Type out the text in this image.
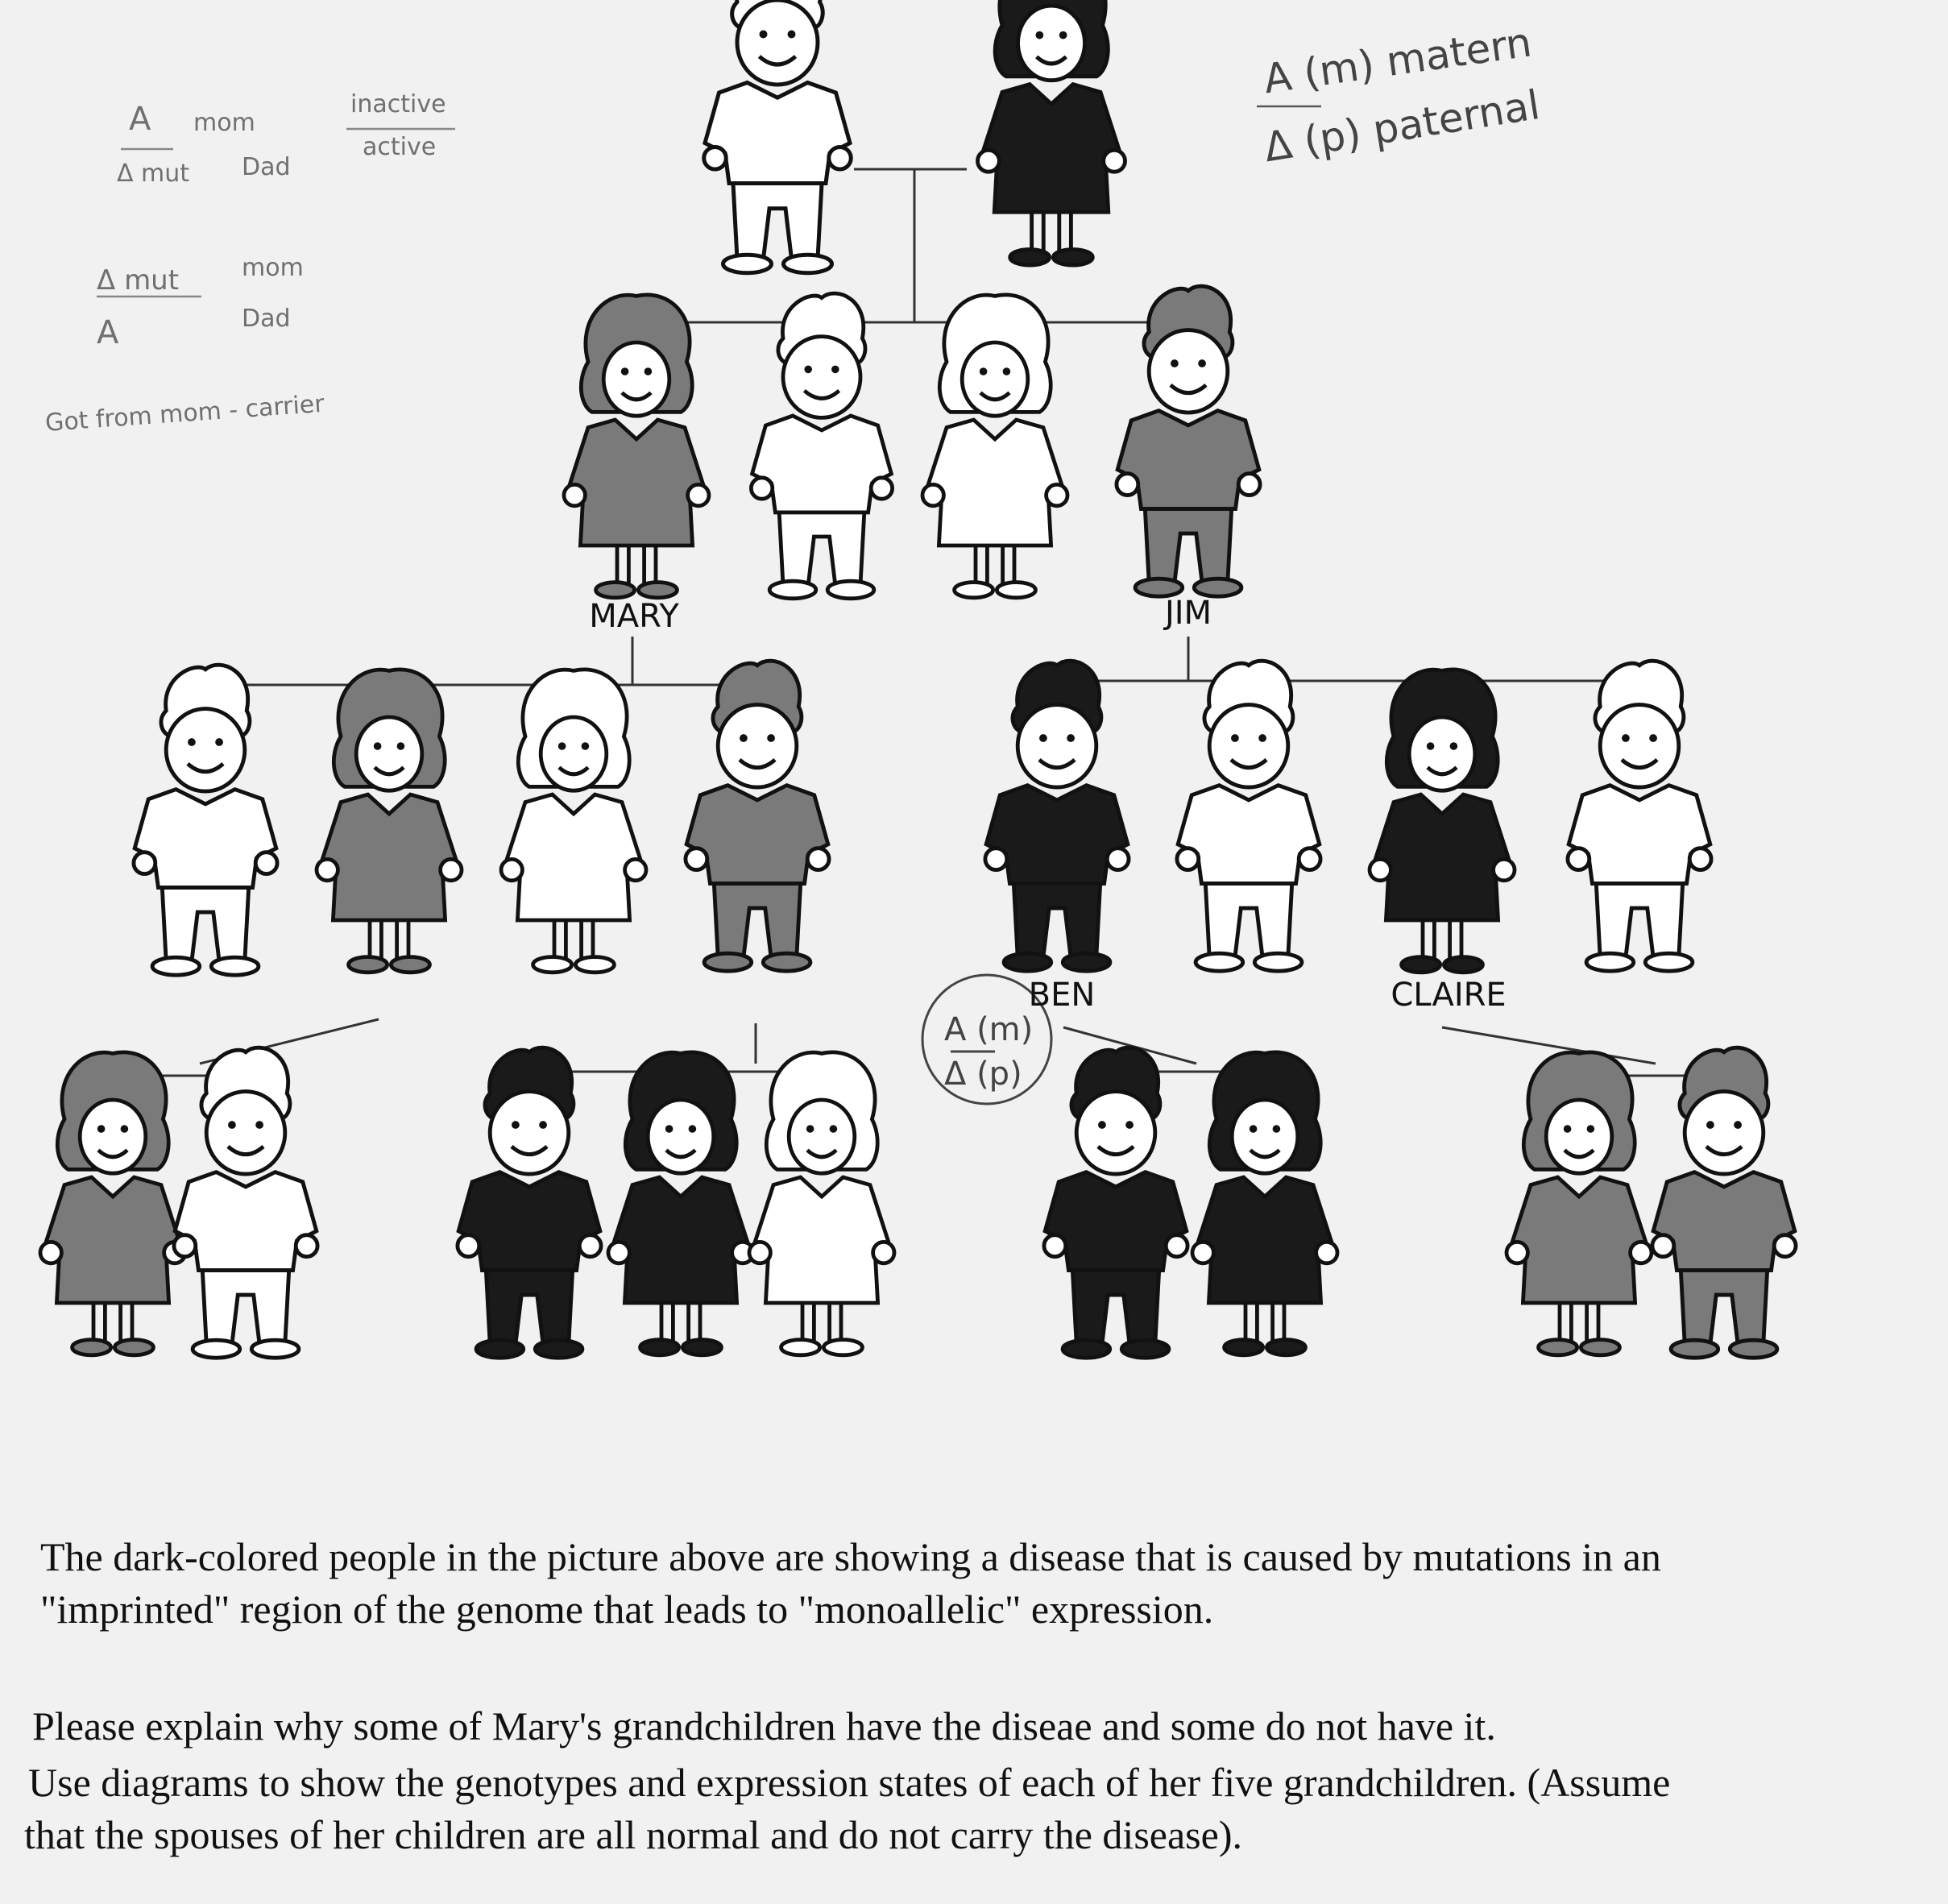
MARY	JIM
BEN	CLAIRE
A mom
Δ mut Dad
inactive
active
Δ mut	mom
A	Dad
Got from mom - carrier
A (m) matern
Δ (p) paternal
A (m)
Δ (p)
The dark-colored people in the picture above are showing a disease that is caused by mutations in an
"imprinted" region of the genome that leads to "monoallelic" expression.
Please explain why some of Mary's grandchildren have the diseae and some do not have it.
Use diagrams to show the genotypes and expression states of each of her five grandchildren. (Assume
that the spouses of her children are all normal and do not carry the disease).
